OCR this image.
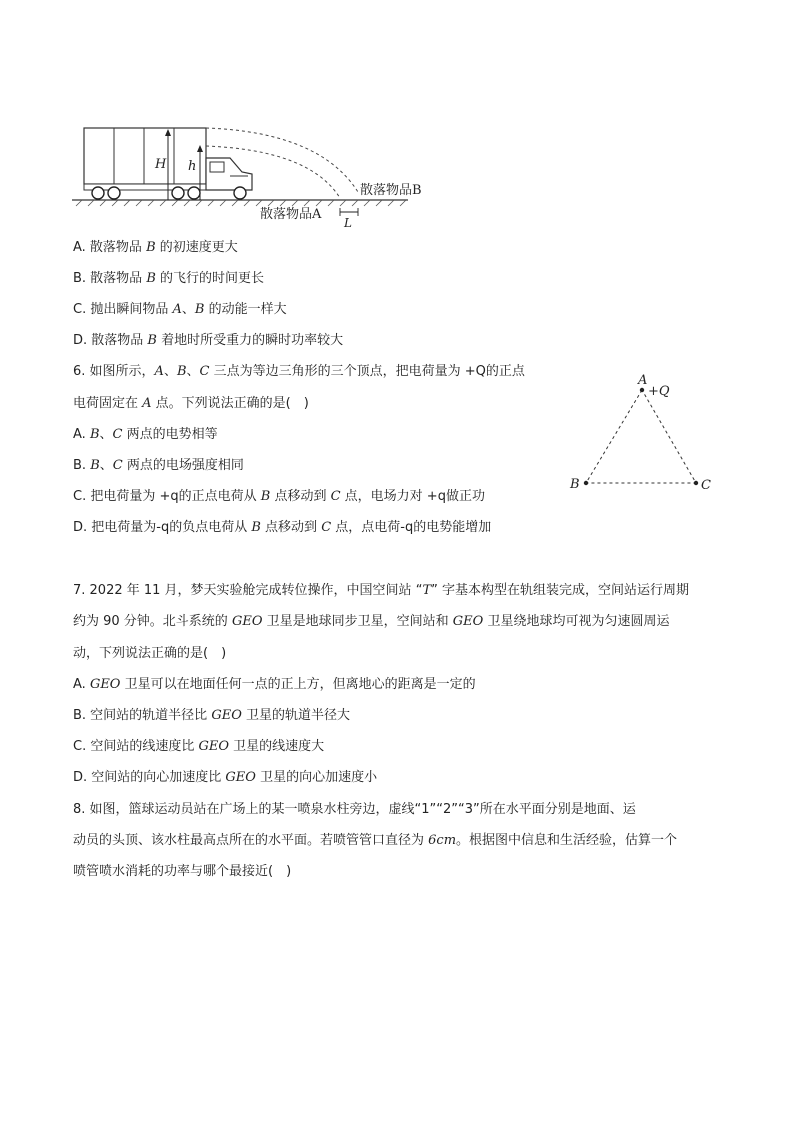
H h
散落物品B
散落物品A
L
A. 散落物品 B 的初速度更大
B. 散落物品 B 的飞行的时间更长
C. 抛出瞬间物品 A、B 的动能一样大
D. 散落物品 B 着地时所受重力的瞬时功率较大
6. 如图所示，A、B、C 三点为等边三角形的三个顶点，把电荷量为 +Q的正点
电荷固定在 A 点。下列说法正确的是(　)
A. B、C 两点的电势相等
B. B、C 两点的电场强度相同
C. 把电荷量为 +q的正点电荷从 B 点移动到 C 点，电场力对 +q做正功
D. 把电荷量为-q的负点电荷从 B 点移动到 C 点，点电荷-q的电势能增加
A
+Q
B	C
7. 2022 年 11 月，梦天实验舱完成转位操作，中国空间站 “T” 字基本构型在轨组装完成，空间站运行周期
约为 90 分钟。北斗系统的 GEO 卫星是地球同步卫星，空间站和 GEO 卫星绕地球均可视为匀速圆周运
动，下列说法正确的是(　)
A. GEO 卫星可以在地面任何一点的正上方，但离地心的距离是一定的
B. 空间站的轨道半径比 GEO 卫星的轨道半径大
C. 空间站的线速度比 GEO 卫星的线速度大
D. 空间站的向心加速度比 GEO 卫星的向心加速度小
8. 如图，篮球运动员站在广场上的某一喷泉水柱旁边，虚线“1”“2”“3”所在水平面分别是地面、运
动员的头顶、该水柱最高点所在的水平面。若喷管管口直径为 6cm。根据图中信息和生活经验，估算一个
喷管喷水消耗的功率与哪个最接近(　)
